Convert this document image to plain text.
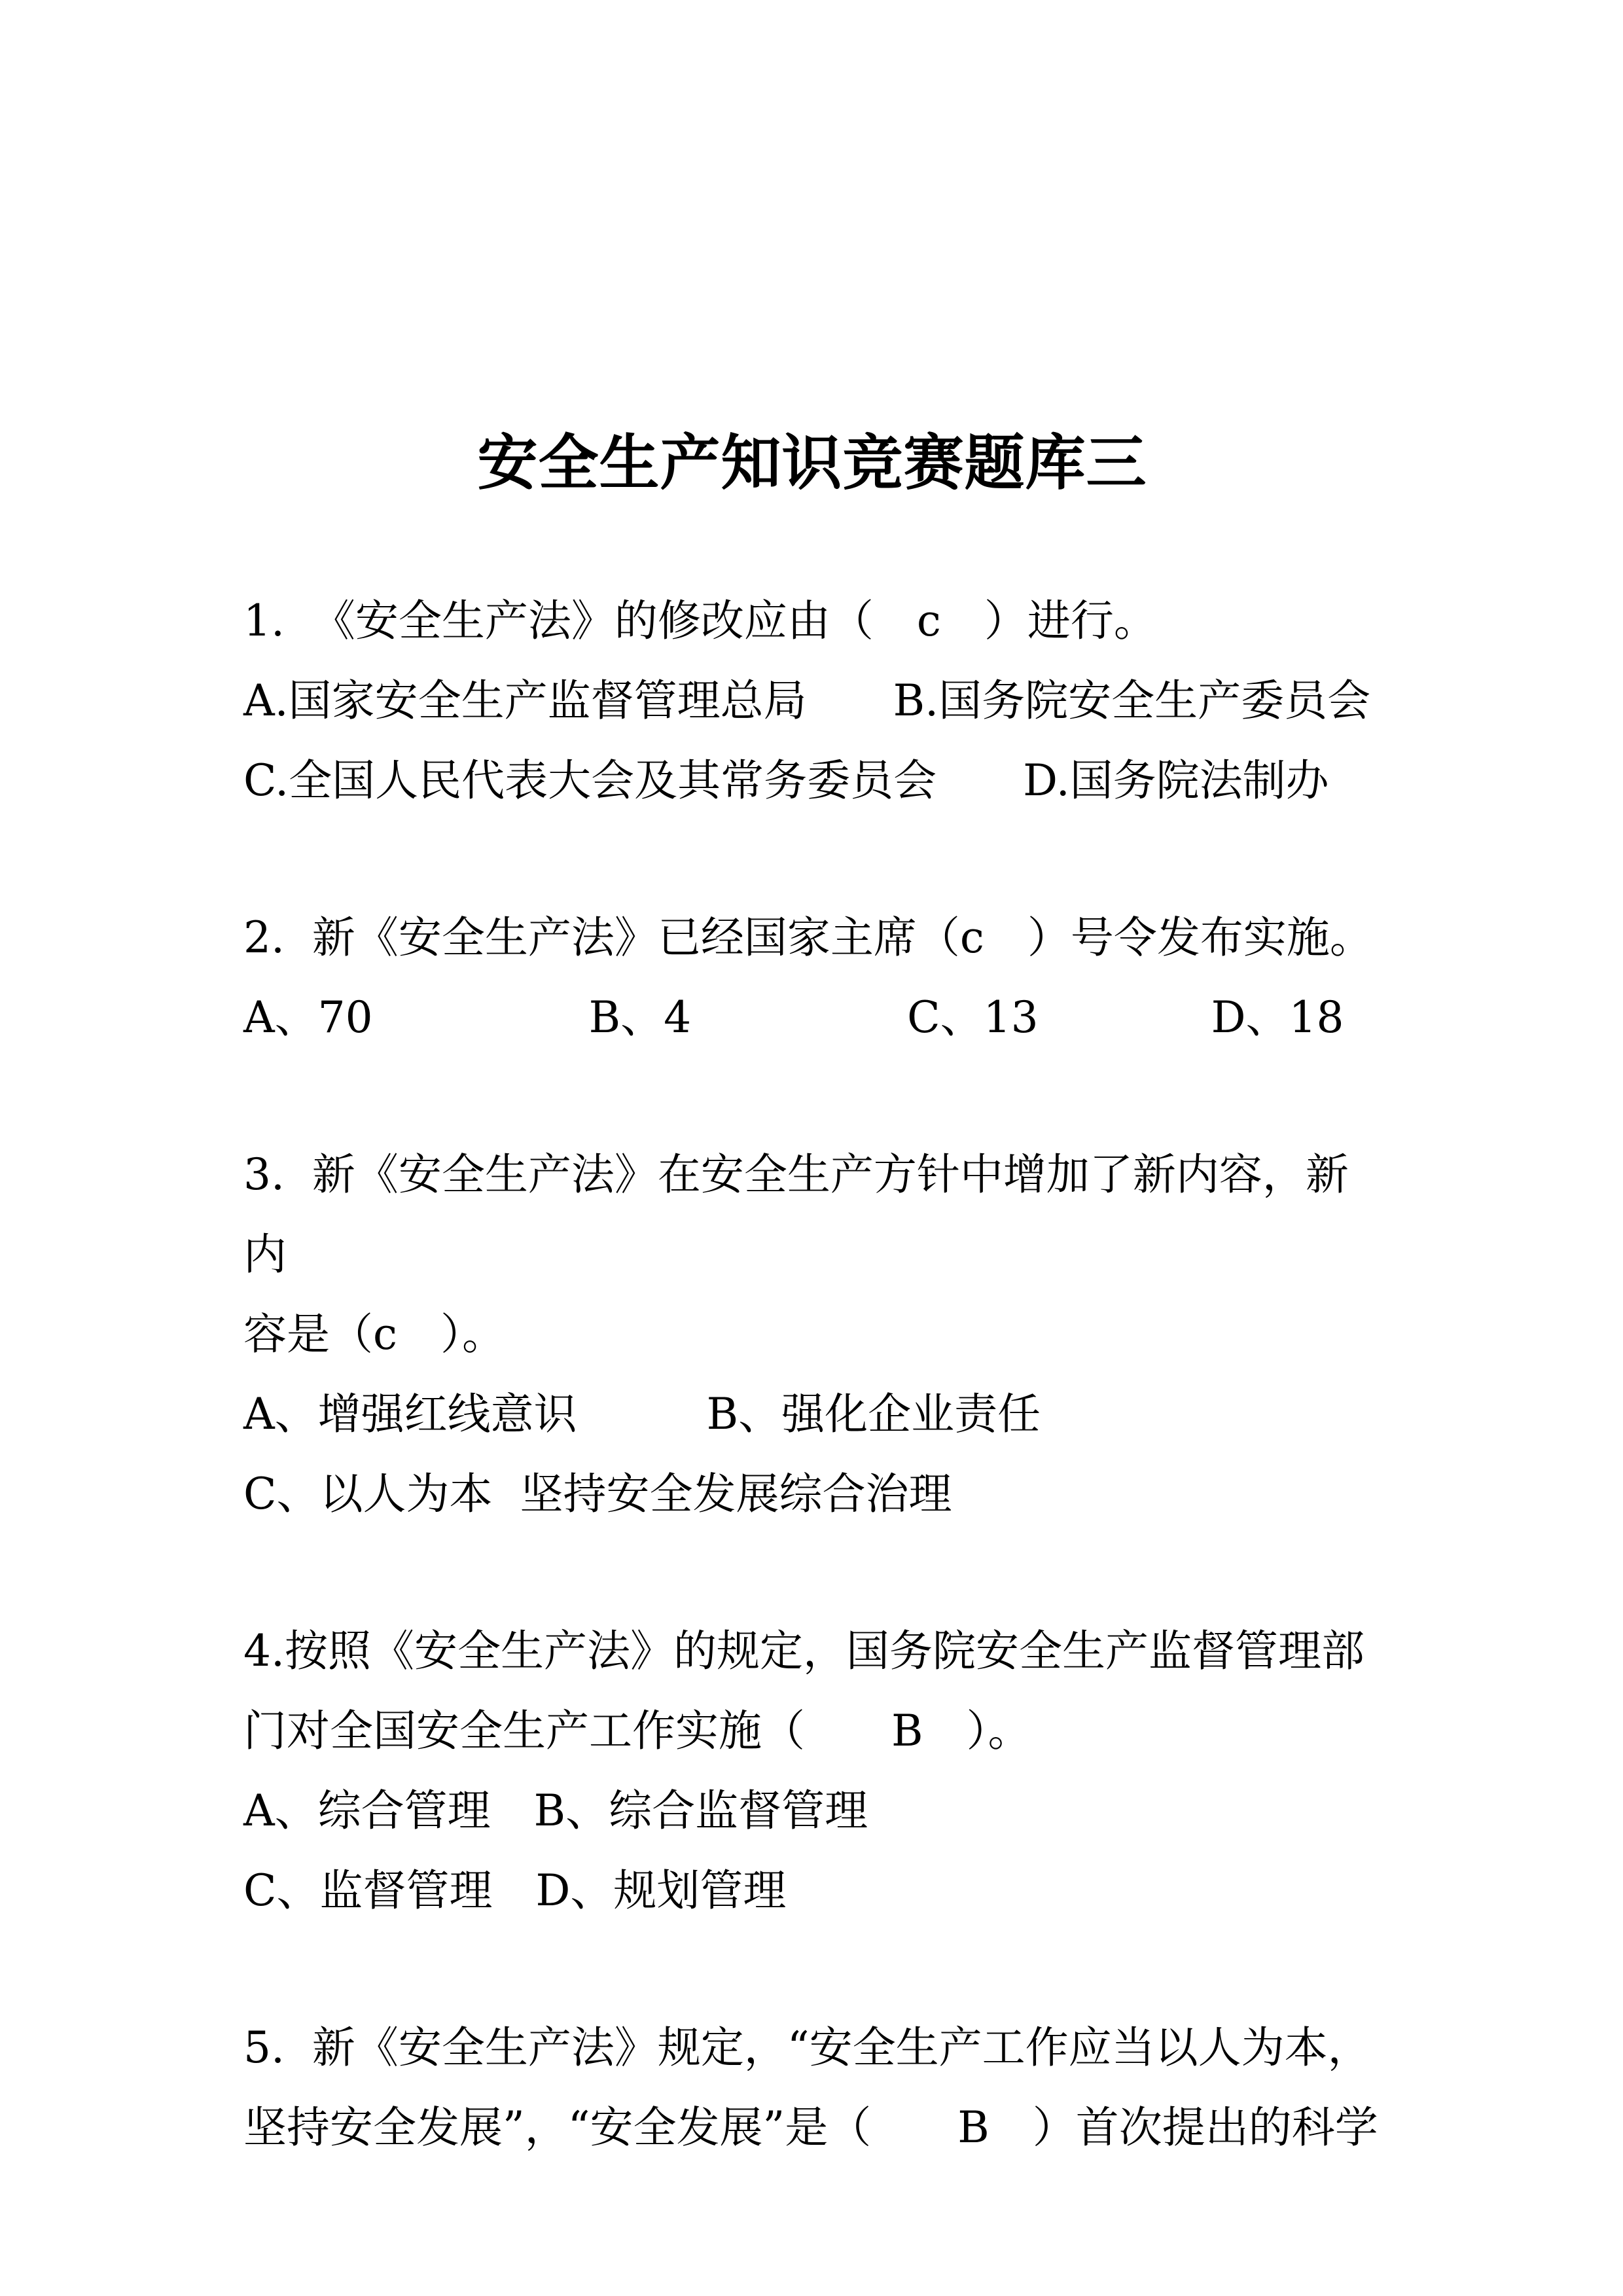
安全生产知识竞赛题库三

1.  《安全生产法》的修改应由（　c　）进行。

A.国家安全生产监督管理总局　　B.国务院安全生产委员会

C.全国人民代表大会及其常务委员会　　D.国务院法制办

2.  新《安全生产法》已经国家主席（c　）号令发布实施。

A、70　　　　　B、4　　　　　C、13　　　　D、18

3.  新《安全生产法》在安全生产方针中增加了新内容，新内

容是（c　）。

A、增强红线意识　　　B、强化企业责任

C、以人为本  坚持安全发展综合治理

4.按照《安全生产法》的规定，国务院安全生产监督管理部

门对全国安全生产工作实施（　　B　）。

A、综合管理　B、综合监督管理

C、监督管理　D、规划管理

5.  新《安全生产法》规定，“安全生产工作应当以人为本，

坚持安全发展”，“安全发展”是（　　B　）首次提出的科学
